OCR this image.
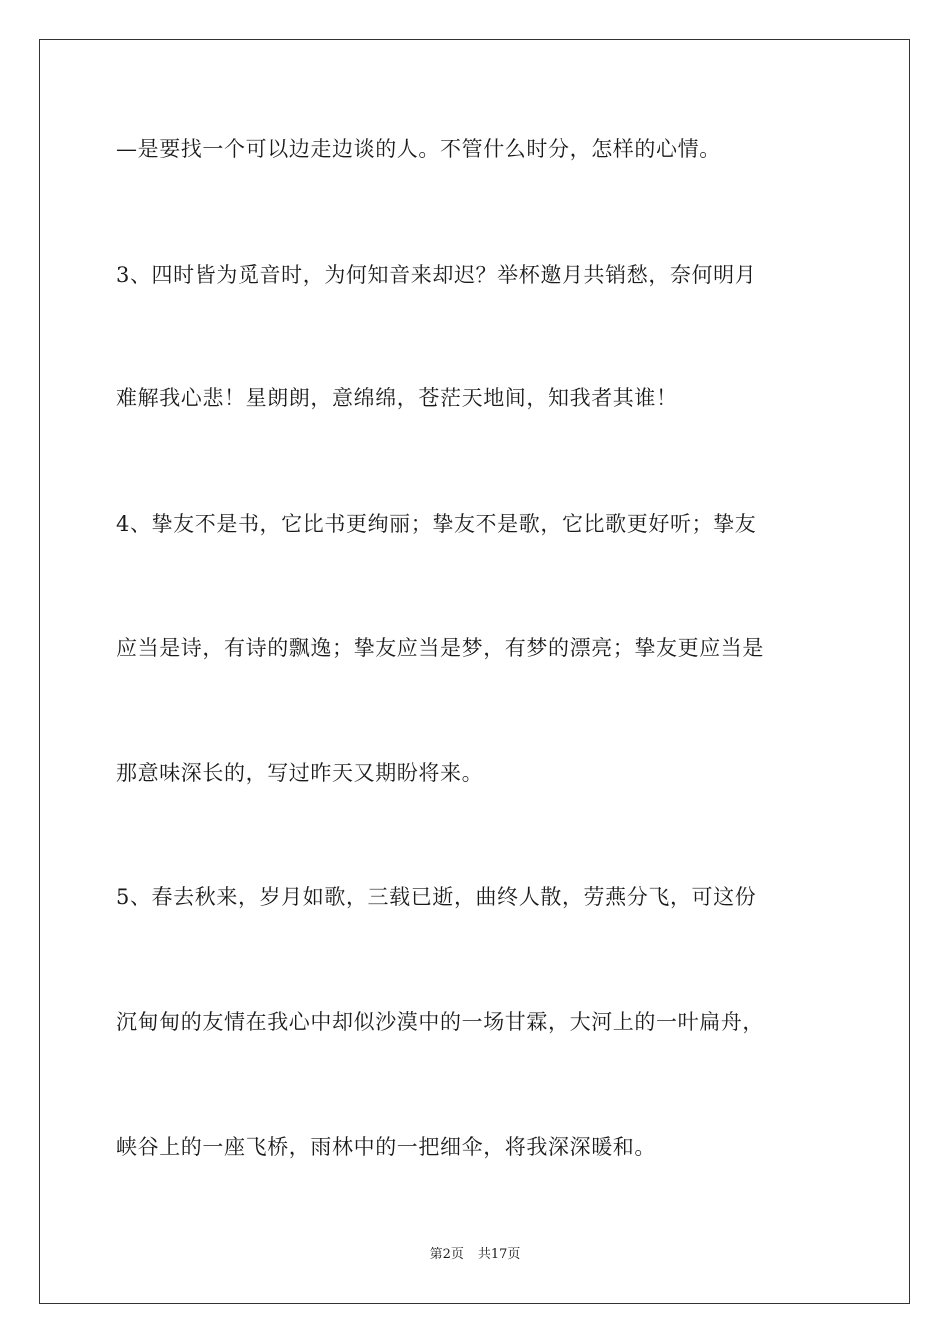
—是要找一个可以边走边谈的人。不管什么时分，怎样的心情。
3、四时皆为觅音时，为何知音来却迟？举杯邀月共销愁，奈何明月
难解我心悲！星朗朗，意绵绵，苍茫天地间，知我者其谁！
4、挚友不是书，它比书更绚丽；挚友不是歌，它比歌更好听；挚友
应当是诗，有诗的飘逸；挚友应当是梦，有梦的漂亮；挚友更应当是
那意味深长的，写过昨天又期盼将来。
5、春去秋来，岁月如歌，三载已逝，曲终人散，劳燕分飞，可这份
沉甸甸的友情在我心中却似沙漠中的一场甘霖，大河上的一叶扁舟，
峡谷上的一座飞桥，雨林中的一把细伞，将我深深暖和。
第2页 共17页
